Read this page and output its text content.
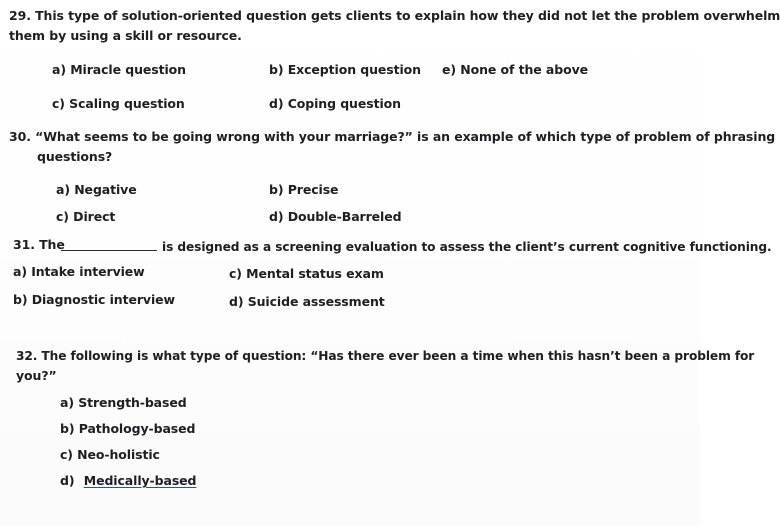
29. This type of solution-oriented question gets clients to explain how they did not let the problem overwhelm
them by using a skill or resource.
a) Miracle question	b) Exception question e) None of the above
c) Scaling question	d) Coping question
30. “What seems to be going wrong with your marriage?” is an example of which type of problem of phrasing
questions?
a) Negative	b) Precise
c) Direct	d) Double-Barreled
31. The	is designed as a screening evaluation to assess the client’s current cognitive functioning.
a) Intake interview	c) Mental status exam
b) Diagnostic interview	d) Suicide assessment
32. The following is what type of question: “Has there ever been a time when this hasn’t been a problem for
you?”
a) Strength-based
b) Pathology-based
c) Neo-holistic
d) Medically-based
